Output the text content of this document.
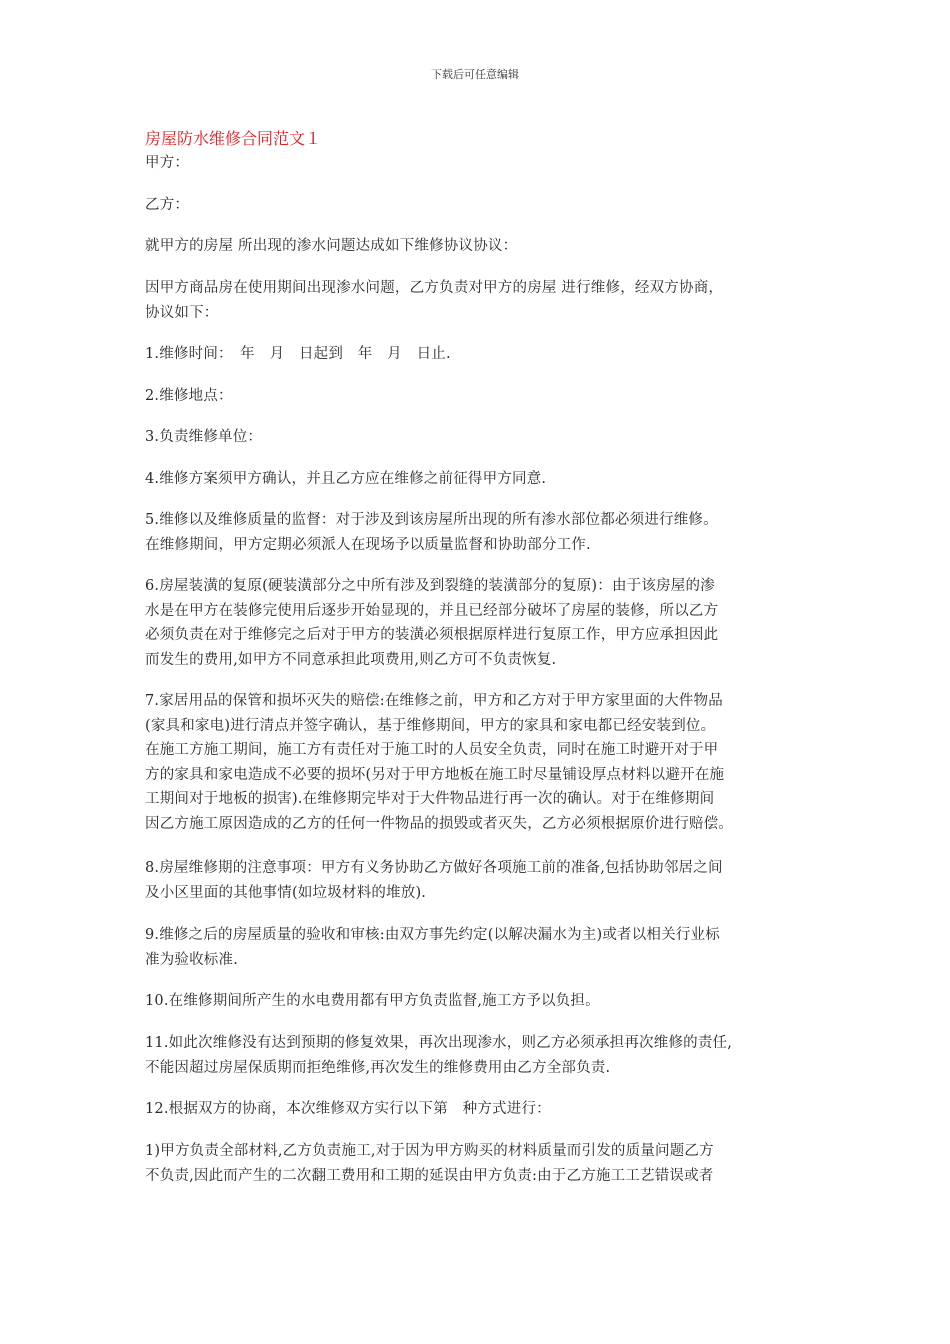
下载后可任意编辑
房屋防水维修合同范文１
甲方：
乙方：
就甲方的房屋 所出现的渗水问题达成如下维修协议协议：
因甲方商品房在使用期间出现渗水问题，乙方负责对甲方的房屋 进行维修，经双方协商，
协议如下：
1.维修时间：　年　月　日起到　年　月　日止.
2.维修地点：
3.负责维修单位：
4.维修方案须甲方确认，并且乙方应在维修之前征得甲方同意.
5.维修以及维修质量的监督：对于涉及到该房屋所出现的所有渗水部位都必须进行维修。
在维修期间，甲方定期必须派人在现场予以质量监督和协助部分工作.
6.房屋装潢的复原(硬装潢部分之中所有涉及到裂缝的装潢部分的复原)：由于该房屋的渗
水是在甲方在装修完使用后逐步开始显现的，并且已经部分破坏了房屋的装修，所以乙方
必须负责在对于维修完之后对于甲方的装潢必须根据原样进行复原工作，甲方应承担因此
而发生的费用,如甲方不同意承担此项费用,则乙方可不负责恢复.
7.家居用品的保管和损坏灭失的赔偿:在维修之前，甲方和乙方对于甲方家里面的大件物品
(家具和家电)进行清点并签字确认，基于维修期间，甲方的家具和家电都已经安装到位。
在施工方施工期间，施工方有责任对于施工时的人员安全负责，同时在施工时避开对于甲
方的家具和家电造成不必要的损坏(另对于甲方地板在施工时尽量铺设厚点材料以避开在施
工期间对于地板的损害).在维修期完毕对于大件物品进行再一次的确认。对于在维修期间
因乙方施工原因造成的乙方的任何一件物品的损毁或者灭失，乙方必须根据原价进行赔偿。
8.房屋维修期的注意事项：甲方有义务协助乙方做好各项施工前的准备,包括协助邻居之间
及小区里面的其他事情(如垃圾材料的堆放).
9.维修之后的房屋质量的验收和审核:由双方事先约定(以解决漏水为主)或者以相关行业标
准为验收标准.
10.在维修期间所产生的水电费用都有甲方负责监督,施工方予以负担。
11.如此次维修没有达到预期的修复效果，再次出现渗水，则乙方必须承担再次维修的责任,
不能因超过房屋保质期而拒绝维修,再次发生的维修费用由乙方全部负责.
12.根据双方的协商，本次维修双方实行以下第　种方式进行：
1)甲方负责全部材料,乙方负责施工,对于因为甲方购买的材料质量而引发的质量问题乙方
不负责,因此而产生的二次翻工费用和工期的延误由甲方负责:由于乙方施工工艺错误或者
